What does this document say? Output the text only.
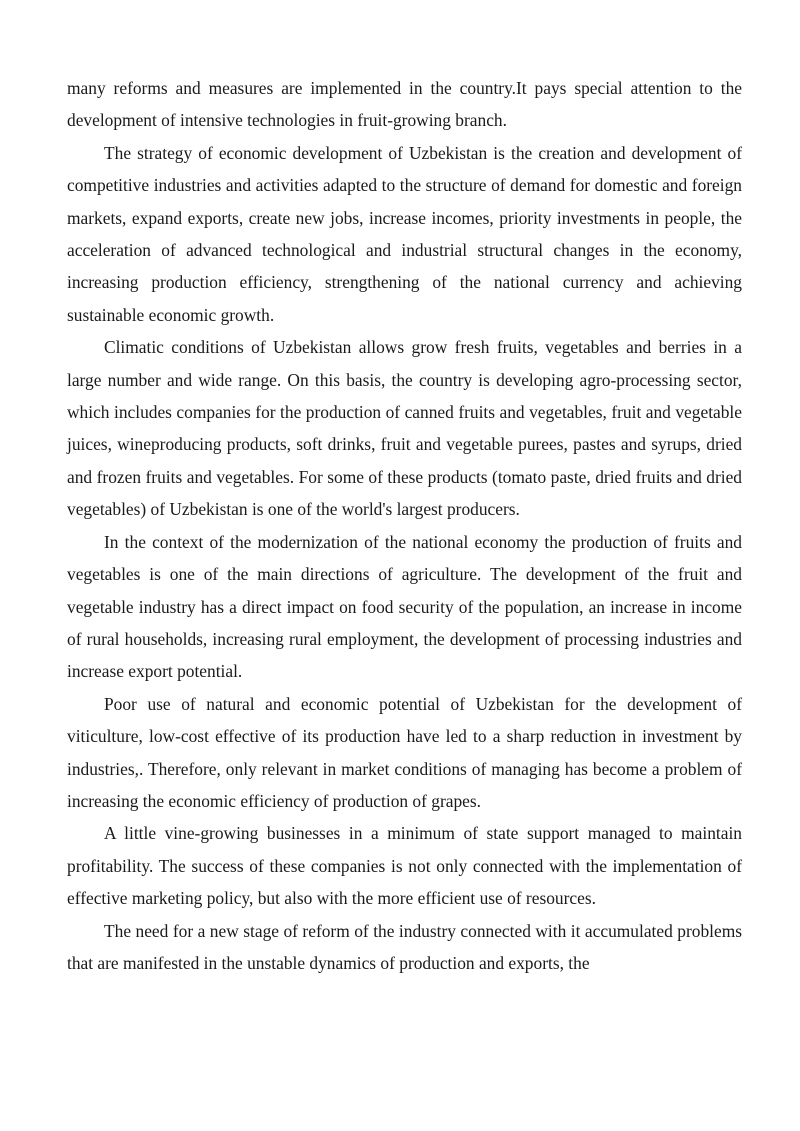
many reforms and measures are implemented in the country.It pays special attention to the development of intensive technologies in fruit-growing branch.

The strategy of economic development of Uzbekistan is the creation and development of competitive industries and activities adapted to the structure of demand for domestic and foreign markets, expand exports, create new jobs, increase incomes, priority investments in people, the acceleration of advanced technological and industrial structural changes in the economy, increasing production efficiency, strengthening of the national currency and achieving sustainable economic growth.

Climatic conditions of Uzbekistan allows grow fresh fruits, vegetables and berries in a large number and wide range. On this basis, the country is developing agro-processing sector, which includes companies for the production of canned fruits and vegetables, fruit and vegetable juices, wineproducing products, soft drinks, fruit and vegetable purees, pastes and syrups, dried and frozen fruits and vegetables. For some of these products (tomato paste, dried fruits and dried vegetables) of Uzbekistan is one of the world's largest producers.

In the context of the modernization of the national economy the production of fruits and vegetables is one of the main directions of agriculture. The development of the fruit and vegetable industry has a direct impact on food security of the population, an increase in income of rural households, increasing rural employment, the development of processing industries and increase export potential.

Poor use of natural and economic potential of Uzbekistan for the development of viticulture, low-cost effective of its production have led to a sharp reduction in investment by industries,. Therefore, only relevant in market conditions of managing has become a problem of increasing the economic efficiency of production of grapes.

A little vine-growing businesses in a minimum of state support managed to maintain profitability. The success of these companies is not only connected with the implementation of effective marketing policy, but also with the more efficient use of resources.

The need for a new stage of reform of the industry connected with it accumulated problems that are manifested in the unstable dynamics of production and exports, the
